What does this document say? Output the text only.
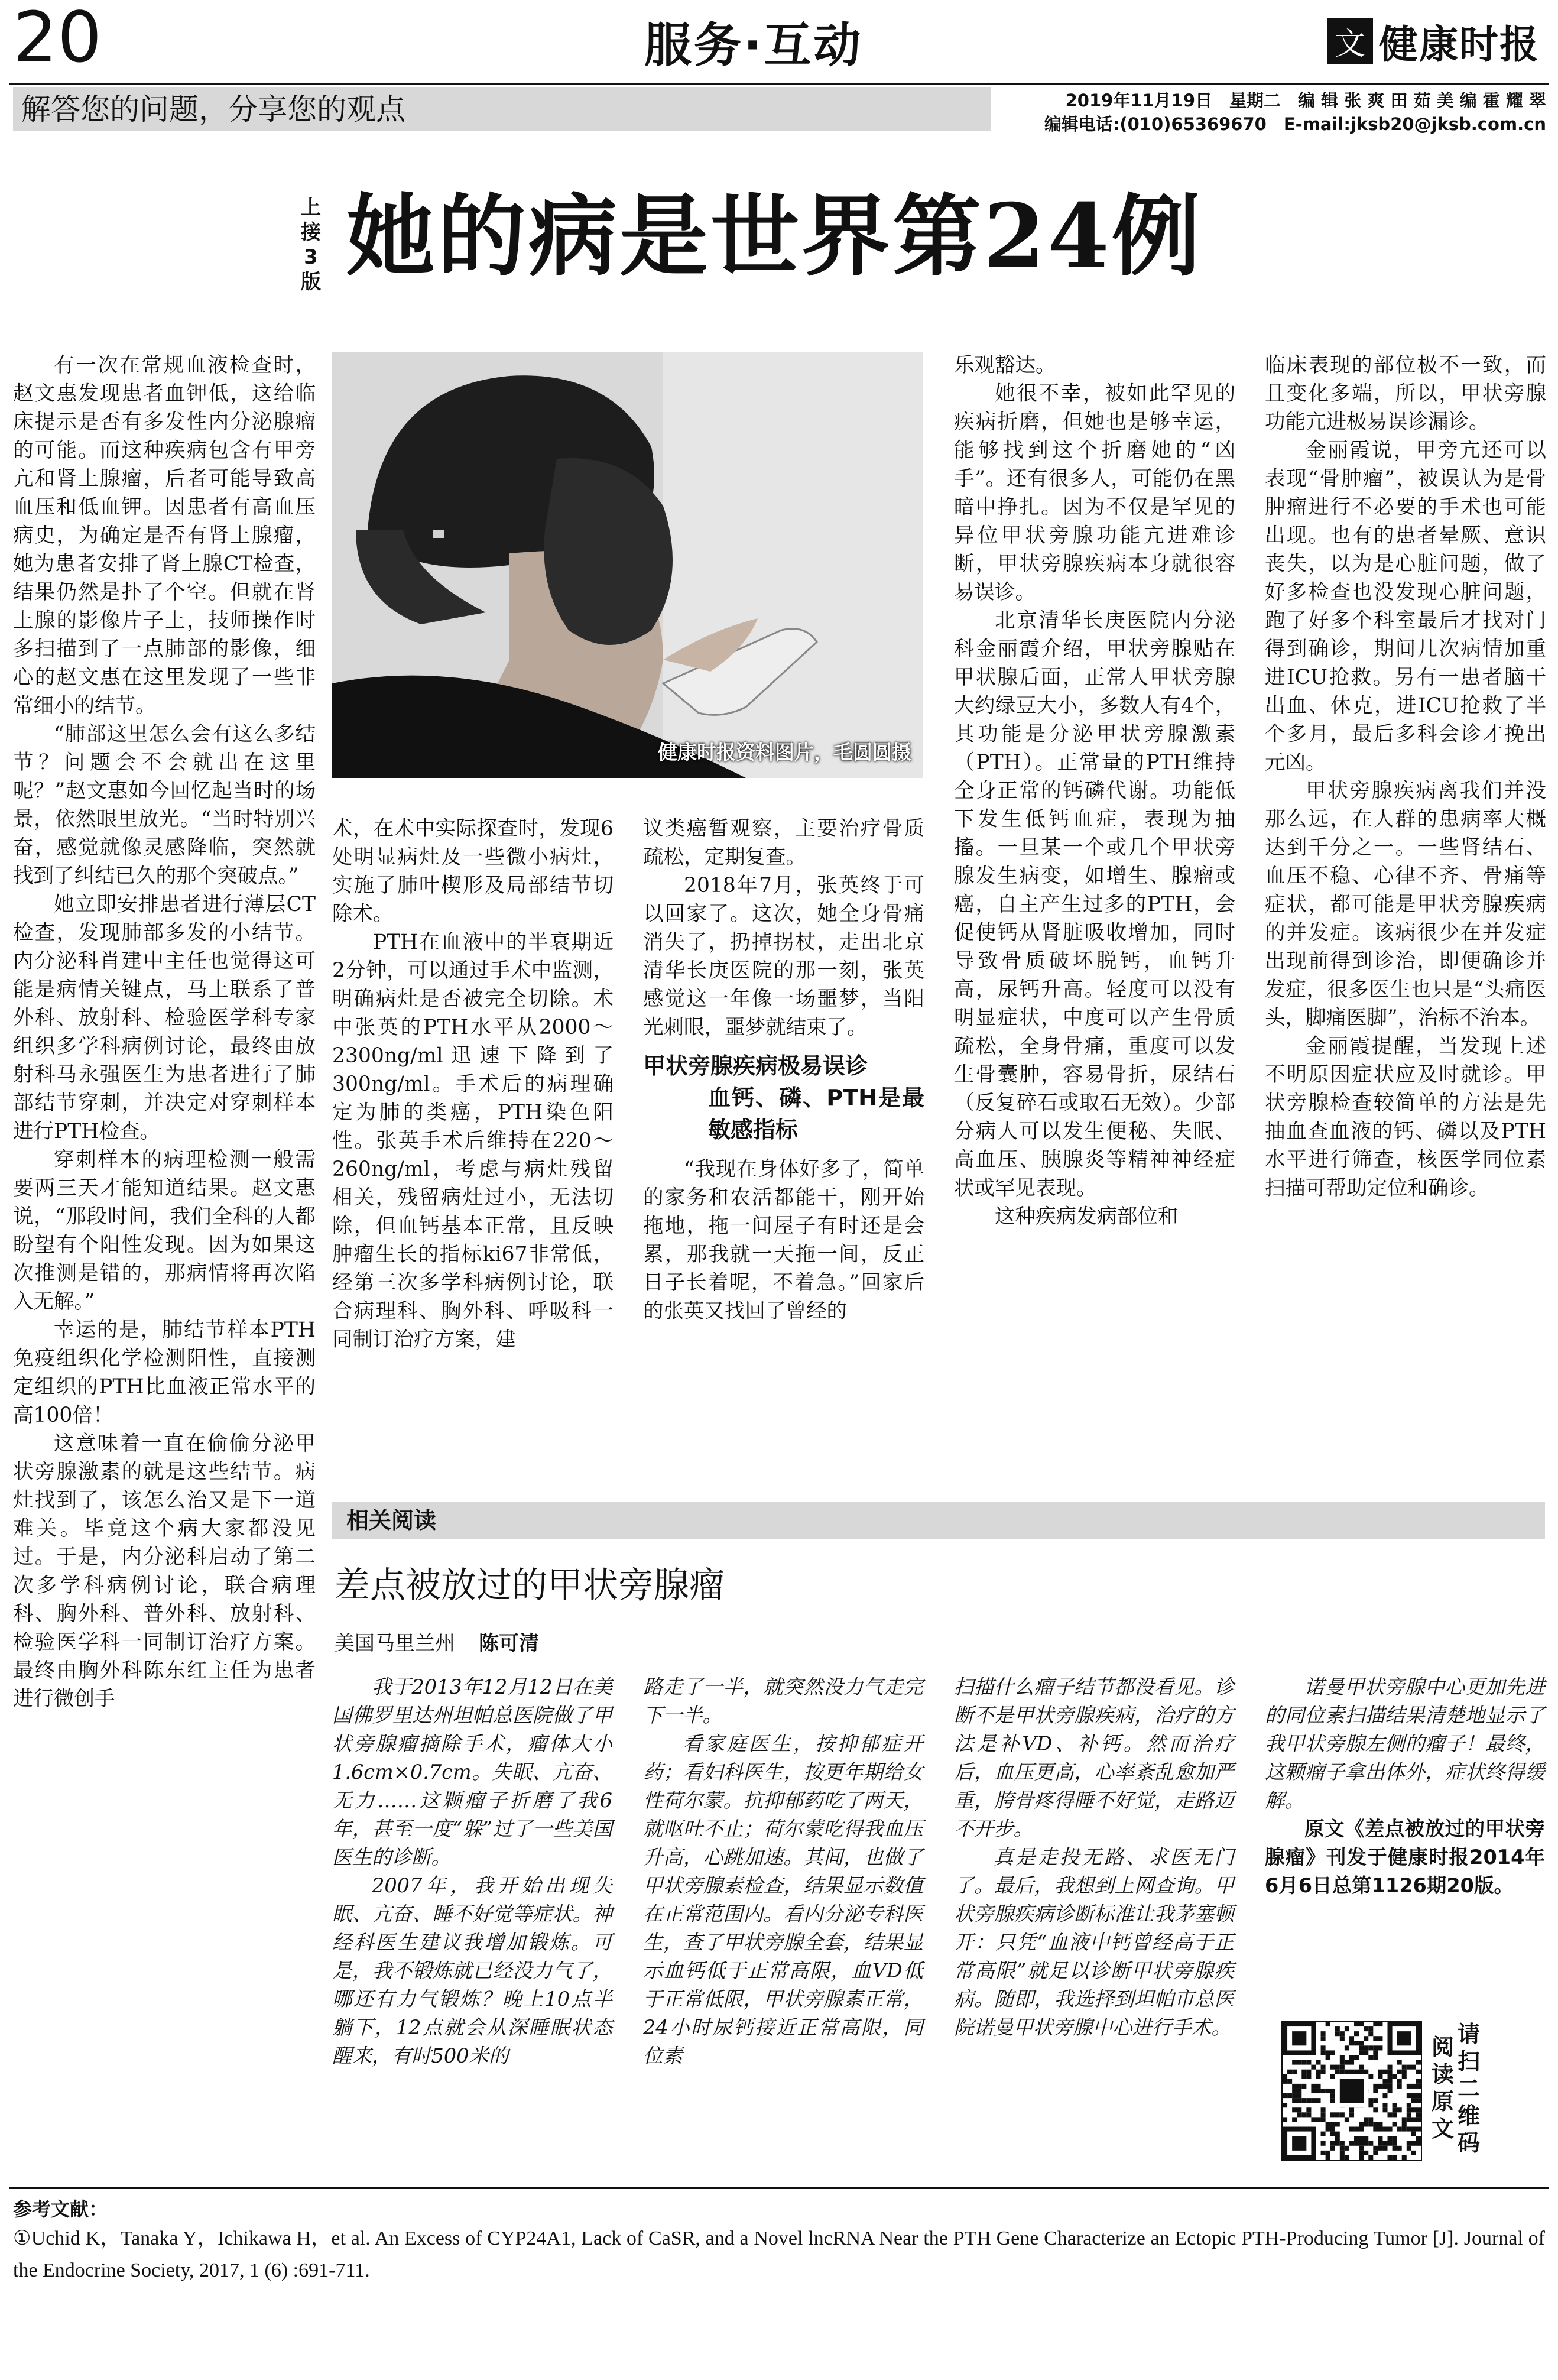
20	服务·互动	文 健康时报
解答您的问题，分享您的观点	2019年11月19日　星期二　编 辑 张 爽 田 茹 美 编 霍 耀 翠
编辑电话:(010)65369670　E-mail:jksb20@jksb.com.cn
上接3版 她的病是世界第24例

有一次在常规血液检查时，赵文惠发现患者血钾低，这给临床提示是否有多发性内分泌腺瘤的可能。而这种疾病包含有甲旁亢和肾上腺瘤，后者可能导致高血压和低血钾。因患者有高血压病史，为确定是否有肾上腺瘤，她为患者安排了肾上腺CT检查，结果仍然是扑了个空。但就在肾上腺的影像片子上，技师操作时多扫描到了一点肺部的影像，细心的赵文惠在这里发现了一些非常细小的结节。

“肺部这里怎么会有这么多结节？问题会不会就出在这里呢？”赵文惠如今回忆起当时的场景，依然眼里放光。“当时特别兴奋，感觉就像灵感降临，突然就找到了纠结已久的那个突破点。”

她立即安排患者进行薄层CT检查，发现肺部多发的小结节。内分泌科肖建中主任也觉得这可能是病情关键点，马上联系了普外科、放射科、检验医学科专家组织多学科病例讨论，最终由放射科马永强医生为患者进行了肺部结节穿刺，并决定对穿刺样本进行PTH检查。

穿刺样本的病理检测一般需要两三天才能知道结果。赵文惠说，“那段时间，我们全科的人都盼望有个阳性发现。因为如果这次推测是错的，那病情将再次陷入无解。”

幸运的是，肺结节样本PTH免疫组织化学检测阳性，直接测定组织的PTH比血液正常水平的高100倍！

这意味着一直在偷偷分泌甲状旁腺激素的就是这些结节。病灶找到了，该怎么治又是下一道难关。毕竟这个病大家都没见过。于是，内分泌科启动了第二次多学科病例讨论，联合病理科、胸外科、普外科、放射科、检验医学科一同制订治疗方案。最终由胸外科陈东红主任为患者进行微创手

健康时报资料图片，毛圆圆摄

术，在术中实际探查时，发现6处明显病灶及一些微小病灶，实施了肺叶楔形及局部结节切除术。

PTH在血液中的半衰期近2分钟，可以通过手术中监测，明确病灶是否被完全切除。术中张英的PTH水平从2000～2300ng/ml迅速下降到了300ng/ml。手术后的病理确定为肺的类癌，PTH染色阳性。张英手术后维持在220～260ng/ml，考虑与病灶残留相关，残留病灶过小，无法切除，但血钙基本正常，且反映肿瘤生长的指标ki67非常低，经第三次多学科病例讨论，联合病理科、胸外科、呼吸科一同制订治疗方案，建

议类癌暂观察，主要治疗骨质疏松，定期复查。

2018年7月，张英终于可以回家了。这次，她全身骨痛消失了，扔掉拐杖，走出北京清华长庚医院的那一刻，张英感觉这一年像一场噩梦，当阳光刺眼，噩梦就结束了。

甲状旁腺疾病极易误诊
血钙、磷、PTH是最敏感指标

“我现在身体好多了，简单的家务和农活都能干，刚开始拖地，拖一间屋子有时还是会累，那我就一天拖一间，反正日子长着呢，不着急。”回家后的张英又找回了曾经的

乐观豁达。

她很不幸，被如此罕见的疾病折磨，但她也是够幸运，能够找到这个折磨她的“凶手”。还有很多人，可能仍在黑暗中挣扎。因为不仅是罕见的异位甲状旁腺功能亢进难诊断，甲状旁腺疾病本身就很容易误诊。

北京清华长庚医院内分泌科金丽霞介绍，甲状旁腺贴在甲状腺后面，正常人甲状旁腺大约绿豆大小，多数人有4个，其功能是分泌甲状旁腺激素（PTH）。正常量的PTH维持全身正常的钙磷代谢。功能低下发生低钙血症，表现为抽搐。一旦某一个或几个甲状旁腺发生病变，如增生、腺瘤或癌，自主产生过多的PTH，会促使钙从肾脏吸收增加，同时导致骨质破坏脱钙，血钙升高，尿钙升高。轻度可以没有明显症状，中度可以产生骨质疏松，全身骨痛，重度可以发生骨囊肿，容易骨折，尿结石（反复碎石或取石无效）。少部分病人可以发生便秘、失眠、高血压、胰腺炎等精神神经症状或罕见表现。

这种疾病发病部位和

临床表现的部位极不一致，而且变化多端，所以，甲状旁腺功能亢进极易误诊漏诊。

金丽霞说，甲旁亢还可以表现“骨肿瘤”，被误认为是骨肿瘤进行不必要的手术也可能出现。也有的患者晕厥、意识丧失，以为是心脏问题，做了好多检查也没发现心脏问题，跑了好多个科室最后才找对门得到确诊，期间几次病情加重进ICU抢救。另有一患者脑干出血、休克，进ICU抢救了半个多月，最后多科会诊才挽出元凶。

甲状旁腺疾病离我们并没那么远，在人群的患病率大概达到千分之一。一些肾结石、血压不稳、心律不齐、骨痛等症状，都可能是甲状旁腺疾病的并发症。该病很少在并发症出现前得到诊治，即便确诊并发症，很多医生也只是“头痛医头，脚痛医脚”，治标不治本。

金丽霞提醒，当发现上述不明原因症状应及时就诊。甲状旁腺检查较简单的方法是先抽血查血液的钙、磷以及PTH水平进行筛查，核医学同位素扫描可帮助定位和确诊。

相关阅读
差点被放过的甲状旁腺瘤
美国马里兰州 陈可清

我于2013年12月12日在美国佛罗里达州坦帕总医院做了甲状旁腺瘤摘除手术，瘤体大小1.6cm×0.7cm。失眠、亢奋、无力……这颗瘤子折磨了我6年，甚至一度“躲”过了一些美国医生的诊断。

2007年，我开始出现失眠、亢奋、睡不好觉等症状。神经科医生建议我增加锻炼。可是，我不锻炼就已经没力气了，哪还有力气锻炼？晚上10点半躺下，12点就会从深睡眠状态醒来，有时500米的

路走了一半，就突然没力气走完下一半。

看家庭医生，按抑郁症开药；看妇科医生，按更年期给女性荷尔蒙。抗抑郁药吃了两天，就呕吐不止；荷尔蒙吃得我血压升高，心跳加速。其间，也做了甲状旁腺素检查，结果显示数值在正常范围内。看内分泌专科医生，查了甲状旁腺全套，结果显示血钙低于正常高限，血VD低于正常低限，甲状旁腺素正常，24小时尿钙接近正常高限，同位素

扫描什么瘤子结节都没看见。诊断不是甲状旁腺疾病，治疗的方法是补VD、补钙。然而治疗后，血压更高，心率紊乱愈加严重，胯骨疼得睡不好觉，走路迈不开步。

真是走投无路、求医无门了。最后，我想到上网查询。甲状旁腺疾病诊断标准让我茅塞顿开：只凭“血液中钙曾经高于正常高限”就足以诊断甲状旁腺疾病。随即，我选择到坦帕市总医院诺曼甲状旁腺中心进行手术。

诺曼甲状旁腺中心更加先进的同位素扫描结果清楚地显示了我甲状旁腺左侧的瘤子！最终，这颗瘤子拿出体外，症状终得缓解。

原文《差点被放过的甲状旁腺瘤》刊发于健康时报2014年6月6日总第1126期20版。

请扫二维码
阅读原文
参考文献：
①Uchid K，Tanaka Y，Ichikawa H，et al. An Excess of CYP24A1, Lack of CaSR, and a Novel lncRNA Near the PTH Gene Characterize an Ectopic PTH-Producing Tumor [J]. Journal of the Endocrine Society, 2017, 1 (6) :691-711.
